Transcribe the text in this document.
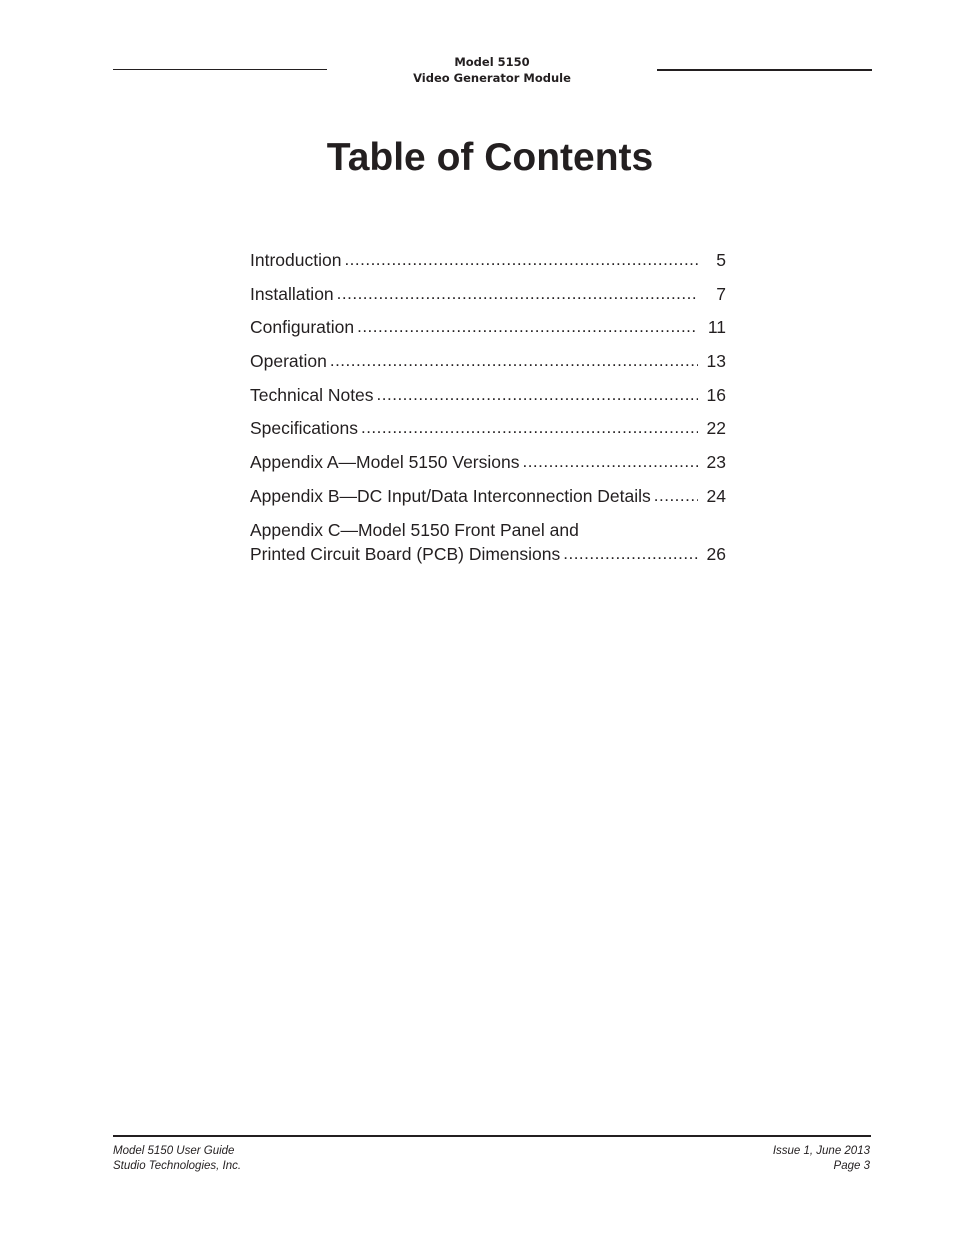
Model 5150
Video Generator Module
Table of Contents
Introduction .....	5
Installation .....	7
Configuration .....	11
Operation .....	13
Technical Notes .....	16
Specifications .....	22
Appendix A—Model 5150 Versions .....	23
Appendix B—DC Input/Data Interconnection Details .....	24
Appendix C—Model 5150 Front Panel and
Printed Circuit Board (PCB) Dimensions .....	26
Model 5150 User Guide
Studio Technologies, Inc.
Issue 1, June 2013
Page 3
